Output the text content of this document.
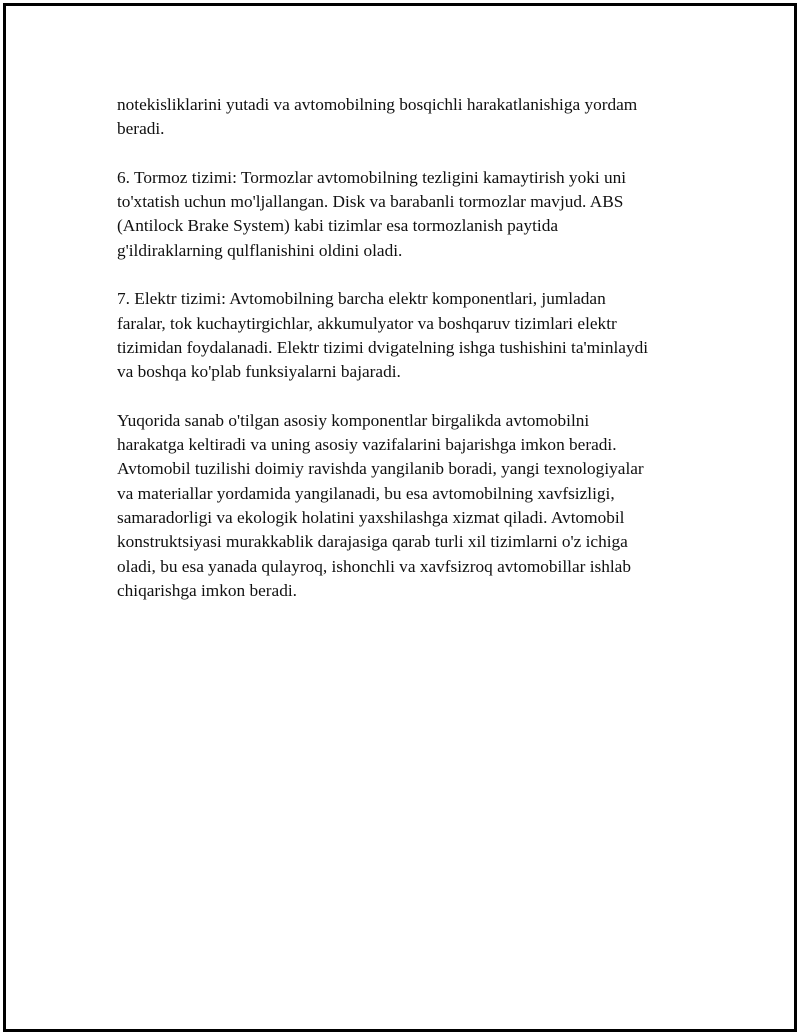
notekisliklarini yutadi va avtomobilning bosqichli harakatlanishiga yordam
beradi.

6. Tormoz tizimi: Tormozlar avtomobilning tezligini kamaytirish yoki uni
to'xtatish uchun mo'ljallangan. Disk va barabanli tormozlar mavjud. ABS
(Antilock Brake System) kabi tizimlar esa tormozlanish paytida
g'ildiraklarning qulflanishini oldini oladi.

7. Elektr tizimi: Avtomobilning barcha elektr komponentlari, jumladan
faralar, tok kuchaytirgichlar, akkumulyator va boshqaruv tizimlari elektr
tizimidan foydalanadi. Elektr tizimi dvigatelning ishga tushishini ta'minlaydi
va boshqa ko'plab funksiyalarni bajaradi.

Yuqorida sanab o'tilgan asosiy komponentlar birgalikda avtomobilni
harakatga keltiradi va uning asosiy vazifalarini bajarishga imkon beradi.
Avtomobil tuzilishi doimiy ravishda yangilanib boradi, yangi texnologiyalar
va materiallar yordamida yangilanadi, bu esa avtomobilning xavfsizligi,
samaradorligi va ekologik holatini yaxshilashga xizmat qiladi. Avtomobil
konstruktsiyasi murakkablik darajasiga qarab turli xil tizimlarni o'z ichiga
oladi, bu esa yanada qulayroq, ishonchli va xavfsizroq avtomobillar ishlab
chiqarishga imkon beradi.
